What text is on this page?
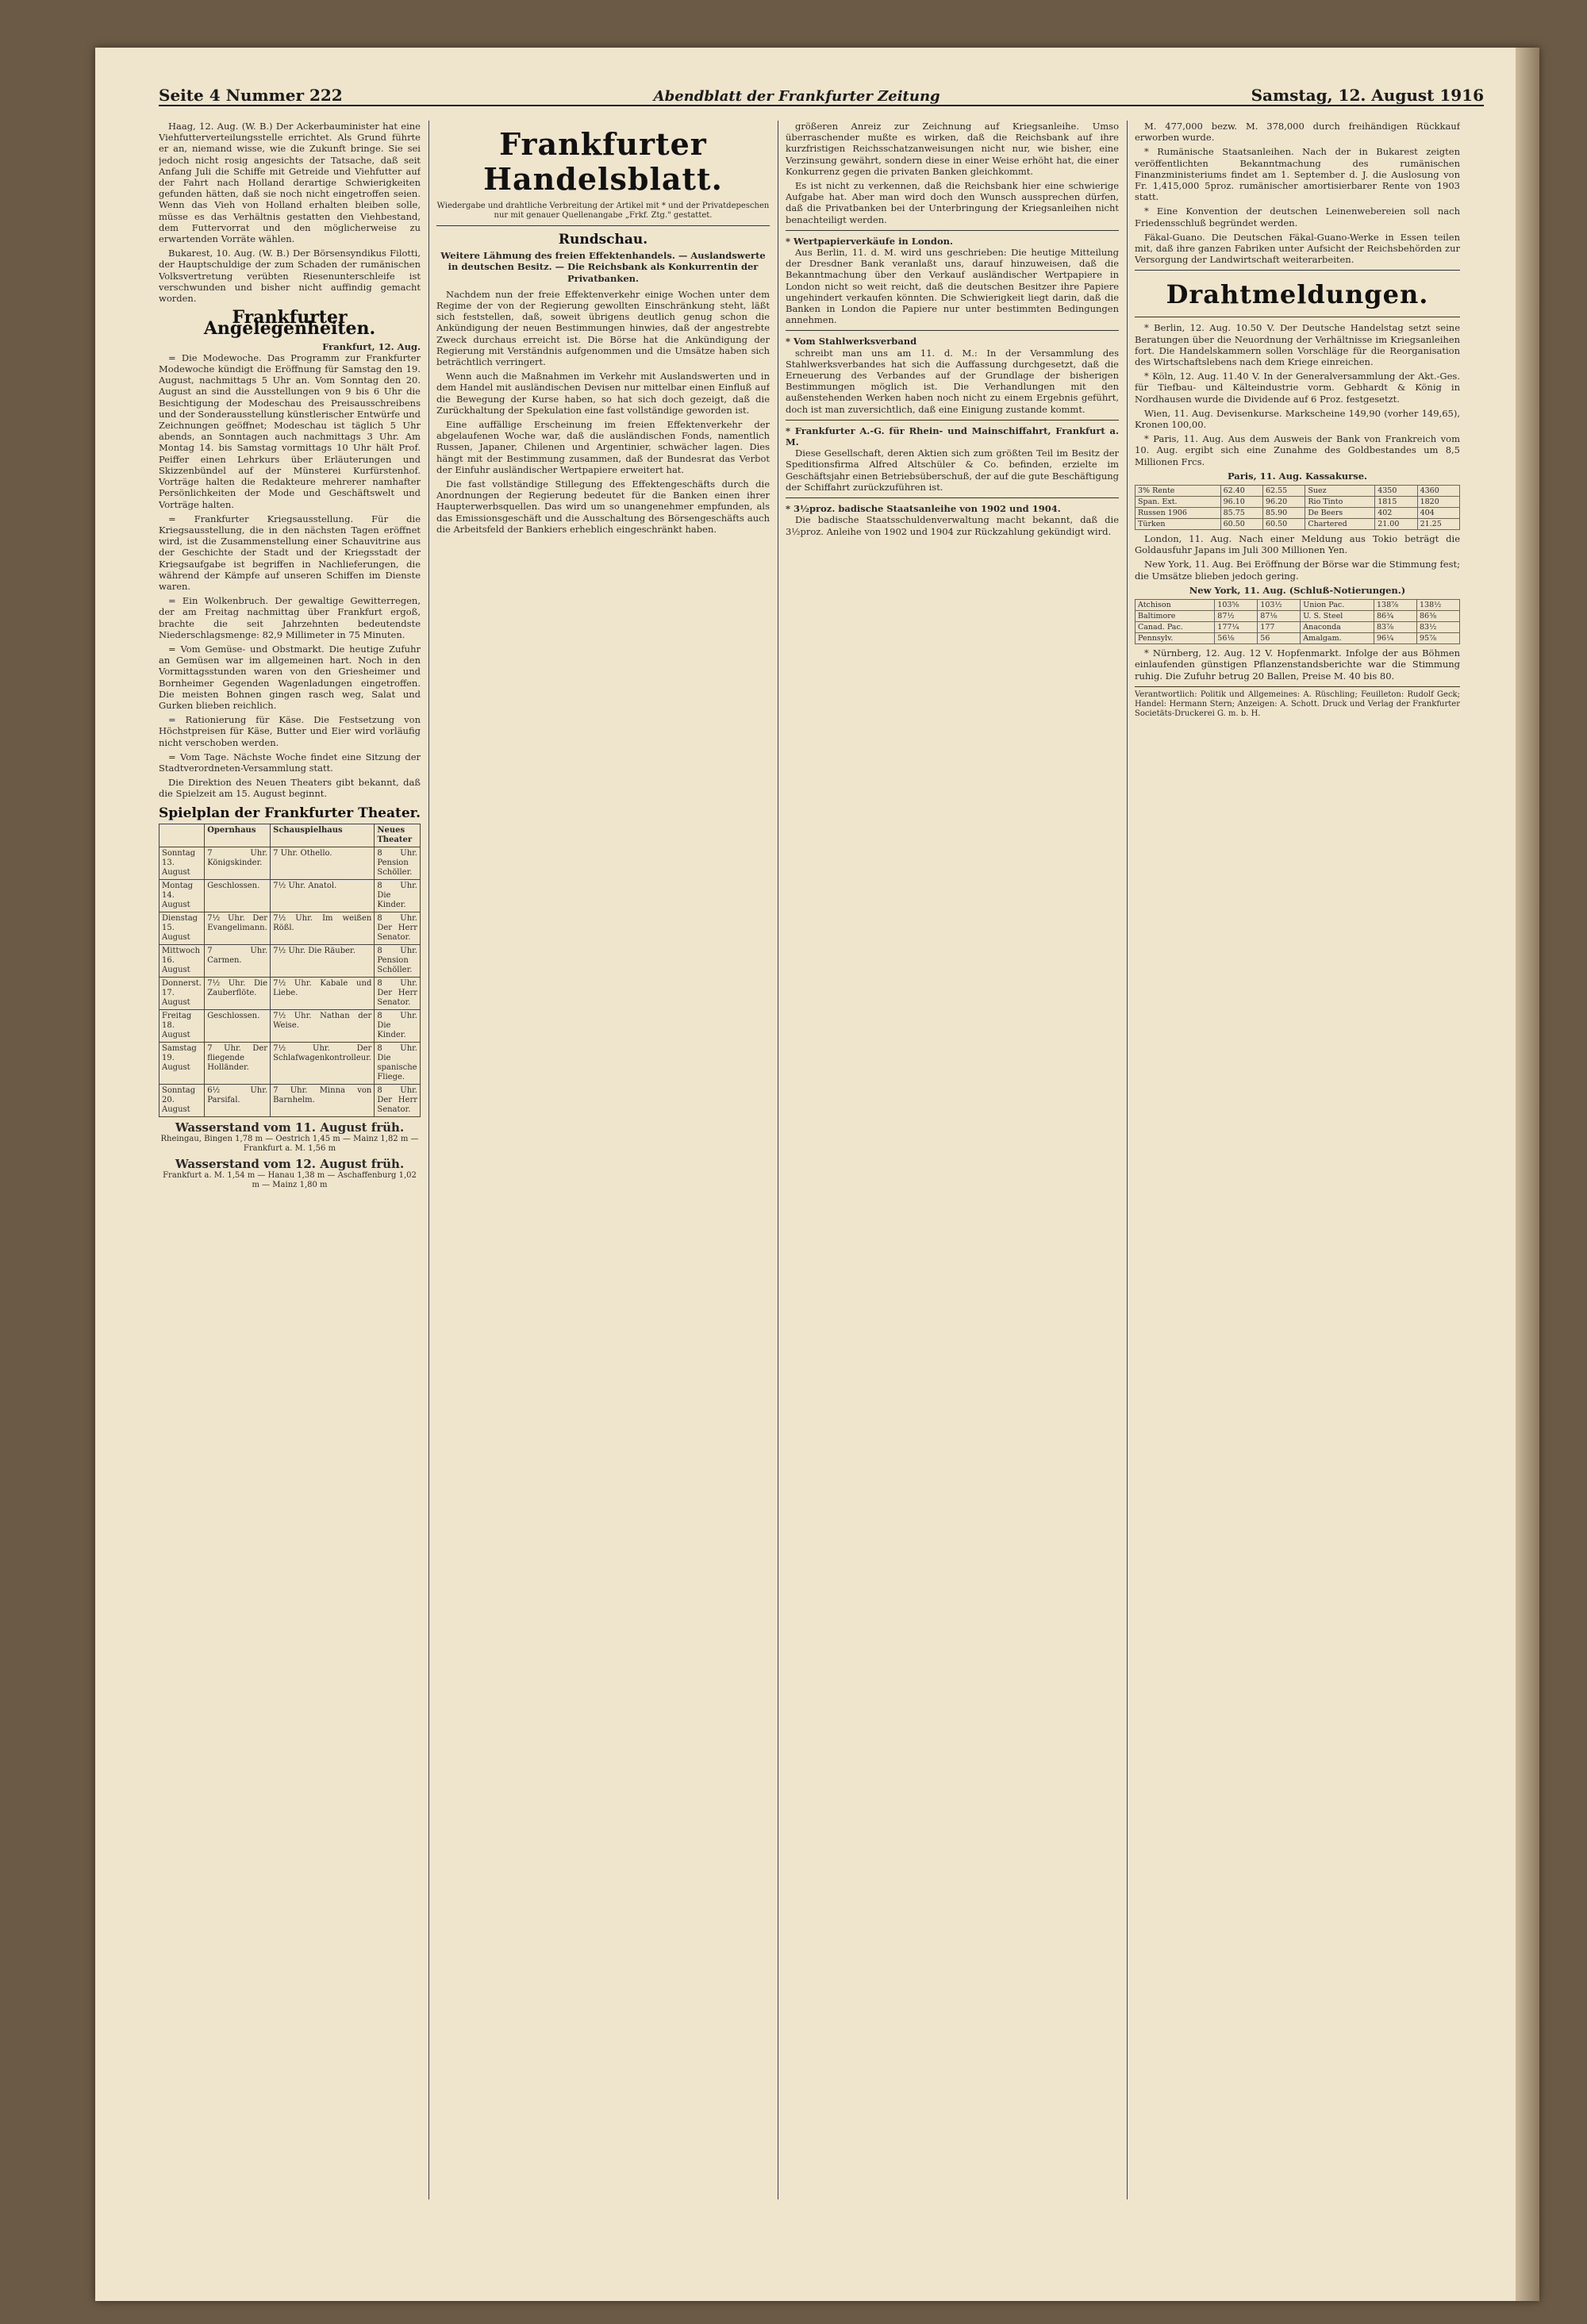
Seite 4 Nummer 222	Abendblatt der Frankfurter Zeitung	Samstag, 12. August 1916

Haag, 12. Aug. (W. B.) Der Ackerbauminister hat eine Viehfutterverteilungsstelle errichtet. Als Grund führte er an, niemand wisse, wie die Zukunft bringe. Sie sei jedoch nicht rosig angesichts der Tatsache, daß seit Anfang Juli die Schiffe mit Getreide und Viehfutter auf der Fahrt nach Holland derartige Schwierigkeiten gefunden hätten, daß sie noch nicht eingetroffen seien. Wenn das Vieh von Holland erhalten bleiben solle, müsse es das Verhältnis gestatten den Viehbestand, dem Futtervorrat und den möglicherweise zu erwartenden Vorräte wählen.

Bukarest, 10. Aug. (W. B.) Der Börsensyndikus Filotti, der Hauptschuldige der zum Schaden der rumänischen Volksvertretung verübten Riesenunterschleife ist verschwunden und bisher nicht auffindig gemacht worden.

Frankfurter Angelegenheiten.
Frankfurt, 12. Aug.

= Die Modewoche. Das Programm zur Frankfurter Modewoche kündigt die Eröffnung für Samstag den 19. August, nachmittags 5 Uhr an. Vom Sonntag den 20. August an sind die Ausstellungen von 9 bis 6 Uhr die Besichtigung der Modeschau des Preisausschreibens und der Sonderausstellung künstlerischer Entwürfe und Zeichnungen geöffnet; Modeschau ist täglich 5 Uhr abends, an Sonntagen auch nachmittags 3 Uhr. Am Montag 14. bis Samstag vormittags 10 Uhr hält Prof. Peiffer einen Lehrkurs über Erläuterungen und Skizzenbündel auf der Münsterei Kurfürstenhof. Vorträge halten die Redakteure mehrerer namhafter Persönlichkeiten der Mode und Geschäftswelt und Vorträge halten.

= Frankfurter Kriegsausstellung. Für die Kriegsausstellung, die in den nächsten Tagen eröffnet wird, ist die Zusammenstellung einer Schauvitrine aus der Geschichte der Stadt und der Kriegsstadt der Kriegsaufgabe ist begriffen in Nachlieferungen, die während der Kämpfe auf unseren Schiffen im Dienste waren.

= Ein Wolkenbruch. Der gewaltige Gewitterregen, der am Freitag nachmittag über Frankfurt ergoß, brachte die seit Jahrzehnten bedeutendste Niederschlagsmenge: 82,9 Millimeter in 75 Minuten.

= Vom Gemüse- und Obstmarkt. Die heutige Zufuhr an Gemüsen war im allgemeinen hart. Noch in den Vormittagsstunden waren von den Griesheimer und Bornheimer Gegenden Wagenladungen eingetroffen. Die meisten Bohnen gingen rasch weg, Salat und Gurken blieben reichlich.

= Rationierung für Käse. Die Festsetzung von Höchstpreisen für Käse, Butter und Eier wird vorläufig nicht verschoben werden.

= Vom Tage. Nächste Woche findet eine Sitzung der Stadtverordneten-Versammlung statt.

Die Direktion des Neuen Theaters gibt bekannt, daß die Spielzeit am 15. August beginnt.

Spielplan der Frankfurter Theater.
	Opernhaus	Schauspielhaus	Neues Theater
Sonntag 13. August	7 Uhr. Königskinder.	7 Uhr. Othello.	8 Uhr. Pension Schöller.
Montag 14. August	Geschlossen.	7½ Uhr. Anatol.	8 Uhr. Die Kinder.
Dienstag 15. August	7½ Uhr. Der Evangelimann.	7½ Uhr. Im weißen Rößl.	8 Uhr. Der Herr Senator.
Mittwoch 16. August	7 Uhr. Carmen.	7½ Uhr. Die Räuber.	8 Uhr. Pension Schöller.
Donnerst. 17. August	7½ Uhr. Die Zauberflöte.	7½ Uhr. Kabale und Liebe.	8 Uhr. Der Herr Senator.
Freitag 18. August	Geschlossen.	7½ Uhr. Nathan der Weise.	8 Uhr. Die Kinder.
Samstag 19. August	7 Uhr. Der fliegende Holländer.	7½ Uhr. Der Schlafwagenkontrolleur.	8 Uhr. Die spanische Fliege.
Sonntag 20. August	6½ Uhr. Parsifal.	7 Uhr. Minna von Barnhelm.	8 Uhr. Der Herr Senator.
Wasserstand vom 11. August früh.
Rheingau, Bingen 1,78 m — Oestrich 1,45 m — Mainz 1,82 m — Frankfurt a. M. 1,56 m
Wasserstand vom 12. August früh.
Frankfurt a. M. 1,54 m — Hanau 1,38 m — Aschaffenburg 1,02 m — Mainz 1,80 m
Frankfurter Handelsblatt.
Wiedergabe und drahtliche Verbreitung der Artikel mit * und der Privatdepeschen nur mit genauer Quellenangabe „Frkf. Ztg." gestattet.
Rundschau.
Weitere Lähmung des freien Effektenhandels. — Auslandswerte in deutschen Besitz. — Die Reichsbank als Konkurrentin der Privatbanken.

Nachdem nun der freie Effektenverkehr einige Wochen unter dem Regime der von der Regierung gewollten Einschränkung steht, läßt sich feststellen, daß, soweit übrigens deutlich genug schon die Ankündigung der neuen Bestimmungen hinwies, daß der angestrebte Zweck durchaus erreicht ist. Die Börse hat die Ankündigung der Regierung mit Verständnis aufgenommen und die Umsätze haben sich beträchtlich verringert.

Wenn auch die Maßnahmen im Verkehr mit Auslandswerten und in dem Handel mit ausländischen Devisen nur mittelbar einen Einfluß auf die Bewegung der Kurse haben, so hat sich doch gezeigt, daß die Zurückhaltung der Spekulation eine fast vollständige geworden ist.

Eine auffällige Erscheinung im freien Effektenverkehr der abgelaufenen Woche war, daß die ausländischen Fonds, namentlich Russen, Japaner, Chilenen und Argentinier, schwächer lagen. Dies hängt mit der Bestimmung zusammen, daß der Bundesrat das Verbot der Einfuhr ausländischer Wertpapiere erweitert hat.

Die fast vollständige Stillegung des Effektengeschäfts durch die Anordnungen der Regierung bedeutet für die Banken einen ihrer Haupterwerbsquellen. Das wird um so unangenehmer empfunden, als das Emissionsgeschäft und die Ausschaltung des Börsengeschäfts auch die Arbeitsfeld der Bankiers erheblich eingeschränkt haben.

größeren Anreiz zur Zeichnung auf Kriegsanleihe. Umso überraschender mußte es wirken, daß die Reichsbank auf ihre kurzfristigen Reichsschatzanweisungen nicht nur, wie bisher, eine Verzinsung gewährt, sondern diese in einer Weise erhöht hat, die einer Konkurrenz gegen die privaten Banken gleichkommt.

Es ist nicht zu verkennen, daß die Reichsbank hier eine schwierige Aufgabe hat. Aber man wird doch den Wunsch aussprechen dürfen, daß die Privatbanken bei der Unterbringung der Kriegsanleihen nicht benachteiligt werden.

* Wertpapierverkäufe in London.

Aus Berlin, 11. d. M. wird uns geschrieben: Die heutige Mitteilung der Dresdner Bank veranlaßt uns, darauf hinzuweisen, daß die Bekanntmachung über den Verkauf ausländischer Wertpapiere in London nicht so weit reicht, daß die deutschen Besitzer ihre Papiere ungehindert verkaufen könnten. Die Schwierigkeit liegt darin, daß die Banken in London die Papiere nur unter bestimmten Bedingungen annehmen.

* Vom Stahlwerksverband

schreibt man uns am 11. d. M.: In der Versammlung des Stahlwerksverbandes hat sich die Auffassung durchgesetzt, daß die Erneuerung des Verbandes auf der Grundlage der bisherigen Bestimmungen möglich ist. Die Verhandlungen mit den außenstehenden Werken haben noch nicht zu einem Ergebnis geführt, doch ist man zuversichtlich, daß eine Einigung zustande kommt.

* Frankfurter A.-G. für Rhein- und Mainschiffahrt, Frankfurt a. M.

Diese Gesellschaft, deren Aktien sich zum größten Teil im Besitz der Speditionsfirma Alfred Altschüler & Co. befinden, erzielte im Geschäftsjahr einen Betriebsüberschuß, der auf die gute Beschäftigung der Schiffahrt zurückzuführen ist.

* 3½proz. badische Staatsanleihe von 1902 und 1904.

Die badische Staatsschuldenverwaltung macht bekannt, daß die 3½proz. Anleihe von 1902 und 1904 zur Rückzahlung gekündigt wird.

M. 477,000 bezw. M. 378,000 durch freihändigen Rückkauf erworben wurde.

* Rumänische Staatsanleihen. Nach der in Bukarest zeigten veröffentlichten Bekanntmachung des rumänischen Finanzministeriums findet am 1. September d. J. die Auslosung von Fr. 1,415,000 5proz. rumänischer amortisierbarer Rente von 1903 statt.

* Eine Konvention der deutschen Leinenwebereien soll nach Friedensschluß begründet werden.

Fäkal-Guano. Die Deutschen Fäkal-Guano-Werke in Essen teilen mit, daß ihre ganzen Fabriken unter Aufsicht der Reichsbehörden zur Versorgung der Landwirtschaft weiterarbeiten.

Drahtmeldungen.

* Berlin, 12. Aug. 10.50 V. Der Deutsche Handelstag setzt seine Beratungen über die Neuordnung der Verhältnisse im Kriegsanleihen fort. Die Handelskammern sollen Vorschläge für die Reorganisation des Wirtschaftslebens nach dem Kriege einreichen.

* Köln, 12. Aug. 11.40 V. In der Generalversammlung der Akt.-Ges. für Tiefbau- und Kälteindustrie vorm. Gebhardt & König in Nordhausen wurde die Dividende auf 6 Proz. festgesetzt.

Wien, 11. Aug. Devisenkurse. Markscheine 149,90 (vorher 149,65), Kronen 100,00.

* Paris, 11. Aug. Aus dem Ausweis der Bank von Frankreich vom 10. Aug. ergibt sich eine Zunahme des Goldbestandes um 8,5 Millionen Frcs.

Paris, 11. Aug. Kassakurse.
3% Rente	62.40	62.55	Suez	4350	4360
Span. Ext.	96.10	96.20	Rio Tinto	1815	1820
Russen 1906	85.75	85.90	De Beers	402	404
Türken	60.50	60.50	Chartered	21.00	21.25

London, 11. Aug. Nach einer Meldung aus Tokio beträgt die Goldausfuhr Japans im Juli 300 Millionen Yen.

New York, 11. Aug. Bei Eröffnung der Börse war die Stimmung fest; die Umsätze blieben jedoch gering.

New York, 11. Aug. (Schluß-Notierungen.)
Atchison	103⅝	103½	Union Pac.	138⅞	138½
Baltimore	87½	87⅛	U. S. Steel	86¾	86⅜
Canad. Pac.	177¼	177	Anaconda	83⅞	83½
Pennsylv.	56⅛	56	Amalgam.	96¼	95⅞

* Nürnberg, 12. Aug. 12 V. Hopfenmarkt. Infolge der aus Böhmen einlaufenden günstigen Pflanzenstandsberichte war die Stimmung ruhig. Die Zufuhr betrug 20 Ballen, Preise M. 40 bis 80.

Verantwortlich: Politik und Allgemeines: A. Rüschling; Feuilleton: Rudolf Geck; Handel: Hermann Stern; Anzeigen: A. Schott. Druck und Verlag der Frankfurter Societäts-Druckerei G. m. b. H.
